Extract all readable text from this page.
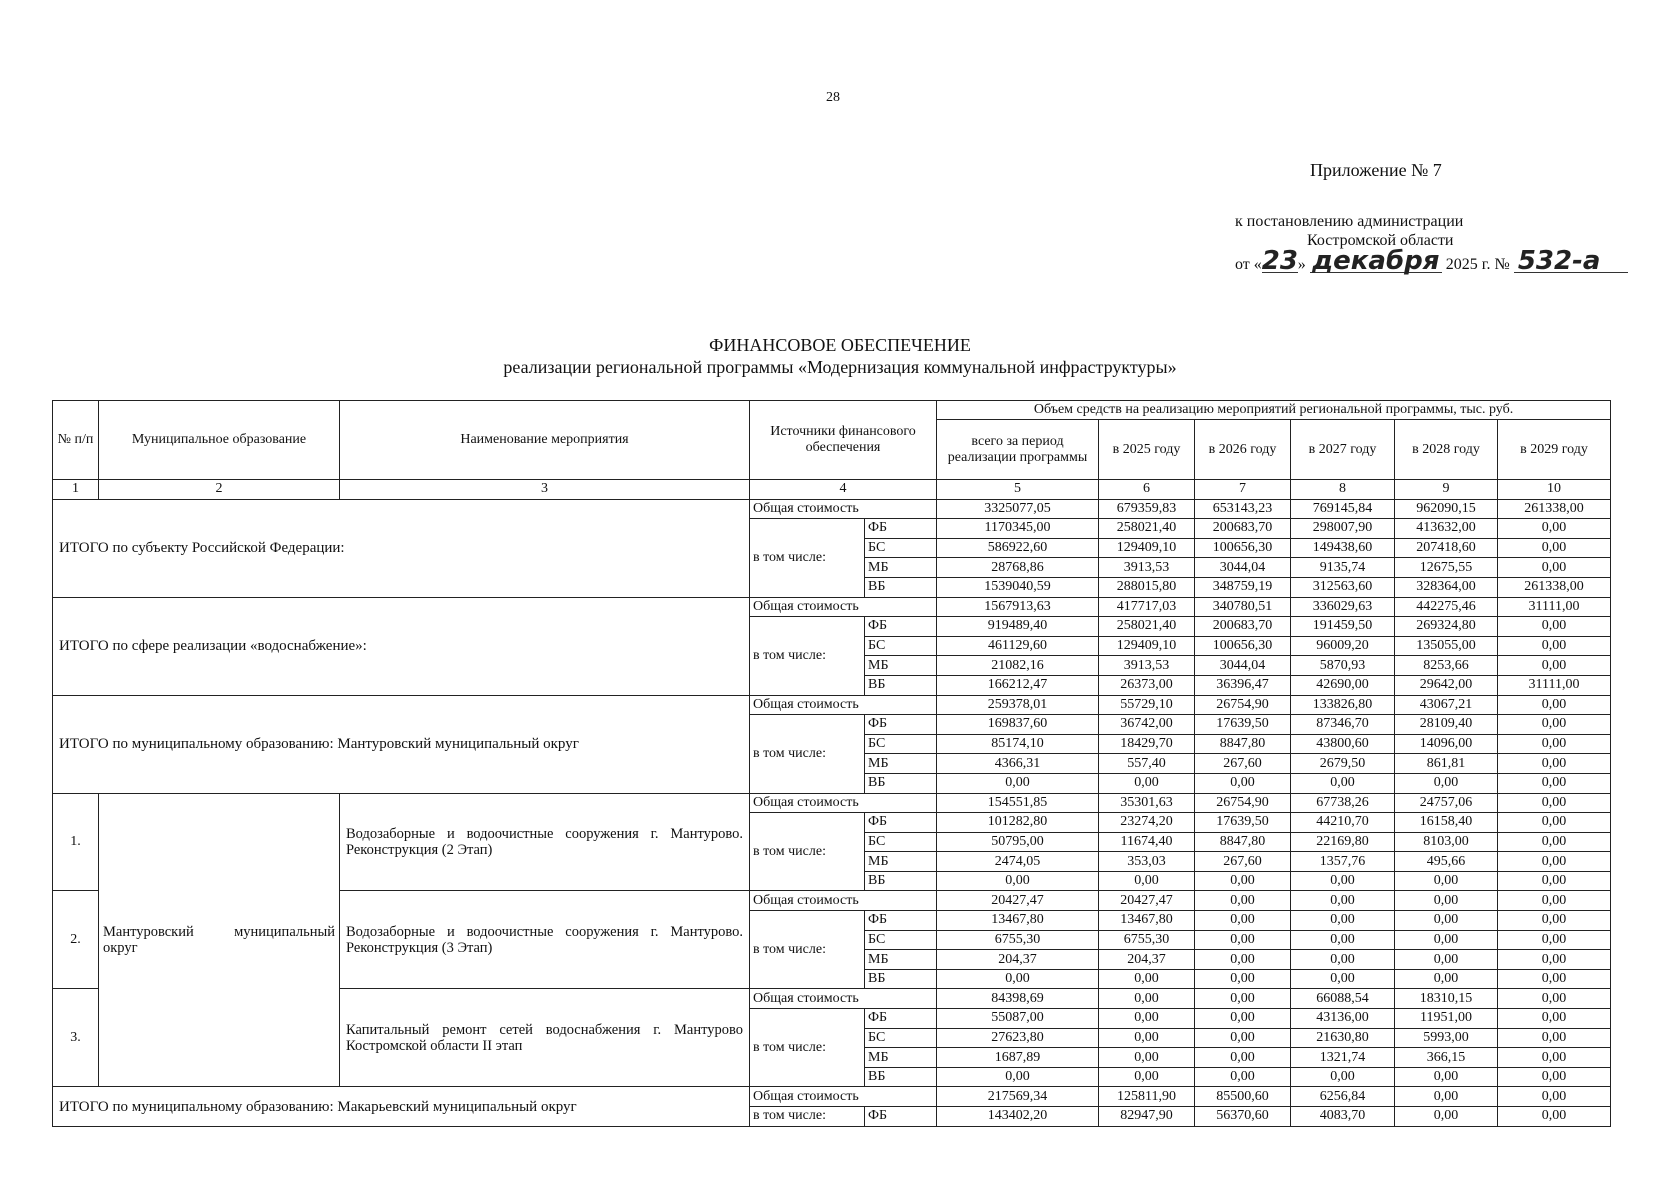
28
Приложение № 7
к постановлению администрации
Костромской области
от «23» декабря 2025 г. № 532-а
ФИНАНСОВОЕ ОБЕСПЕЧЕНИЕ
реализации региональной программы «Модернизация коммунальной инфраструктуры»
№ п/п	Муниципальное образование	Наименование мероприятия	Источники финансового обеспечения		Объем средств на реализацию мероприятий региональной программы, тыс. руб.					
					всего за период реализации программы	в 2025 году	в 2026 году	в 2027 году	в 2028 году	в 2029 году
1	2	3	4		5	6	7	8	9	10
ИТОГО по субъекту Российской Федерации:			Общая стоимость		3325077,05	679359,83	653143,23	769145,84	962090,15	261338,00
			в том числе:	ФБ	1170345,00	258021,40	200683,70	298007,90	413632,00	0,00
				БС	586922,60	129409,10	100656,30	149438,60	207418,60	0,00
				МБ	28768,86	3913,53	3044,04	9135,74	12675,55	0,00
				ВБ	1539040,59	288015,80	348759,19	312563,60	328364,00	261338,00
ИТОГО по сфере реализации «водоснабжение»:			Общая стоимость		1567913,63	417717,03	340780,51	336029,63	442275,46	31111,00
			в том числе:	ФБ	919489,40	258021,40	200683,70	191459,50	269324,80	0,00
				БС	461129,60	129409,10	100656,30	96009,20	135055,00	0,00
				МБ	21082,16	3913,53	3044,04	5870,93	8253,66	0,00
				ВБ	166212,47	26373,00	36396,47	42690,00	29642,00	31111,00
ИТОГО по муниципальному образованию: Мантуровский муниципальный округ			Общая стоимость		259378,01	55729,10	26754,90	133826,80	43067,21	0,00
			в том числе:	ФБ	169837,60	36742,00	17639,50	87346,70	28109,40	0,00
				БС	85174,10	18429,70	8847,80	43800,60	14096,00	0,00
				МБ	4366,31	557,40	267,60	2679,50	861,81	0,00
				ВБ	0,00	0,00	0,00	0,00	0,00	0,00
1.	Мантуровский муниципальный округ	Водозаборные и водоочистные сооружения г. Мантурово. Реконструкция (2 Этап)	Общая стоимость		154551,85	35301,63	26754,90	67738,26	24757,06	0,00
			в том числе:	ФБ	101282,80	23274,20	17639,50	44210,70	16158,40	0,00
				БС	50795,00	11674,40	8847,80	22169,80	8103,00	0,00
				МБ	2474,05	353,03	267,60	1357,76	495,66	0,00
				ВБ	0,00	0,00	0,00	0,00	0,00	0,00
2.		Водозаборные и водоочистные сооружения г. Мантурово. Реконструкция (3 Этап)	Общая стоимость		20427,47	20427,47	0,00	0,00	0,00	0,00
			в том числе:	ФБ	13467,80	13467,80	0,00	0,00	0,00	0,00
				БС	6755,30	6755,30	0,00	0,00	0,00	0,00
				МБ	204,37	204,37	0,00	0,00	0,00	0,00
				ВБ	0,00	0,00	0,00	0,00	0,00	0,00
3.		Капитальный ремонт сетей водоснабжения г. Мантурово Костромской области II этап	Общая стоимость		84398,69	0,00	0,00	66088,54	18310,15	0,00
			в том числе:	ФБ	55087,00	0,00	0,00	43136,00	11951,00	0,00
				БС	27623,80	0,00	0,00	21630,80	5993,00	0,00
				МБ	1687,89	0,00	0,00	1321,74	366,15	0,00
				ВБ	0,00	0,00	0,00	0,00	0,00	0,00
ИТОГО по муниципальному образованию: Макарьевский муниципальный округ			Общая стоимость		217569,34	125811,90	85500,60	6256,84	0,00	0,00
			в том числе:	ФБ	143402,20	82947,90	56370,60	4083,70	0,00	0,00
